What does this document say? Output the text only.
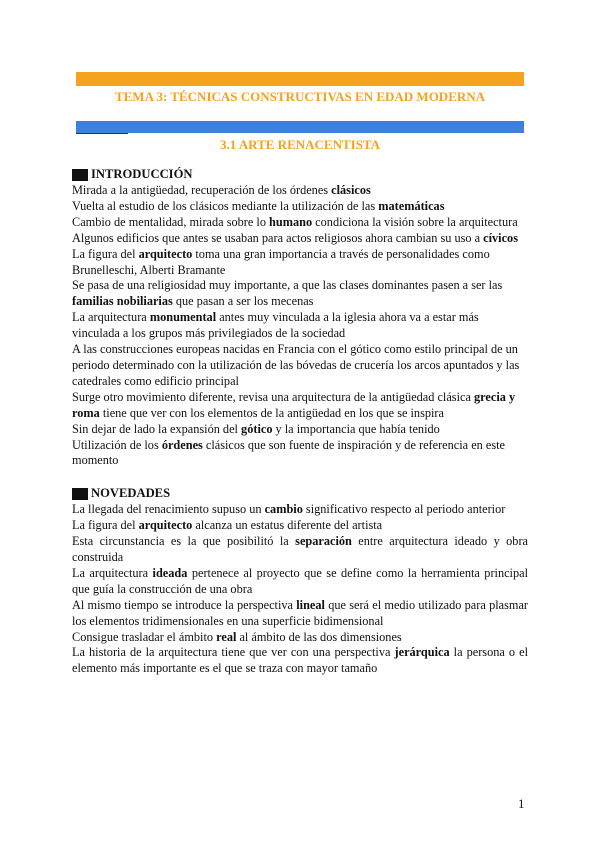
TEMA 3: TÉCNICAS CONSTRUCTIVAS EN EDAD MODERNA
3.1 ARTE RENACENTISTA
INTRODUCCIÓN
Mirada a la antigüedad, recuperación de los órdenes clásicos
Vuelta al estudio de los clásicos mediante la utilización de las matemáticas
Cambio de mentalidad, mirada sobre lo humano condiciona la visión sobre la arquitectura
Algunos edificios que antes se usaban para actos religiosos ahora cambian su uso a cívicos
La figura del arquitecto toma una gran importancia a través de personalidades como Brunelleschi, Alberti Bramante
Se pasa de una religiosidad muy importante, a que las clases dominantes pasen a ser las familias nobiliarias que pasan a ser los mecenas
La arquitectura monumental antes muy vinculada a la iglesia ahora va a estar más vinculada a los grupos más privilegiados de la sociedad
A las construcciones europeas nacidas en Francia con el gótico como estilo principal de un periodo determinado con la utilización de las bóvedas de crucería los arcos apuntados y las catedrales como edificio principal
Surge otro movimiento diferente, revisa una arquitectura de la antigüedad clásica grecia y roma tiene que ver con los elementos de la antigüedad en los que se inspira
Sin dejar de lado la expansión del gótico y la importancia que había tenido
Utilización de los órdenes clásicos que son fuente de inspiración y de referencia en este momento
NOVEDADES
La llegada del renacimiento supuso un cambio significativo respecto al periodo anterior
La figura del arquitecto alcanza un estatus diferente del artista
Esta circunstancia es la que posibilitó la separación entre arquitectura ideado y obra construida
La arquitectura ideada pertenece al proyecto que se define como la herramienta principal que guía la construcción de una obra
Al mismo tiempo se introduce la perspectiva lineal que será el medio utilizado para plasmar los elementos tridimensionales en una superficie bidimensional
Consigue trasladar el ámbito real al ámbito de las dos dimensiones
La historia de la arquitectura tiene que ver con una perspectiva jerárquica la persona o el elemento más importante es el que se traza con mayor tamaño
1
